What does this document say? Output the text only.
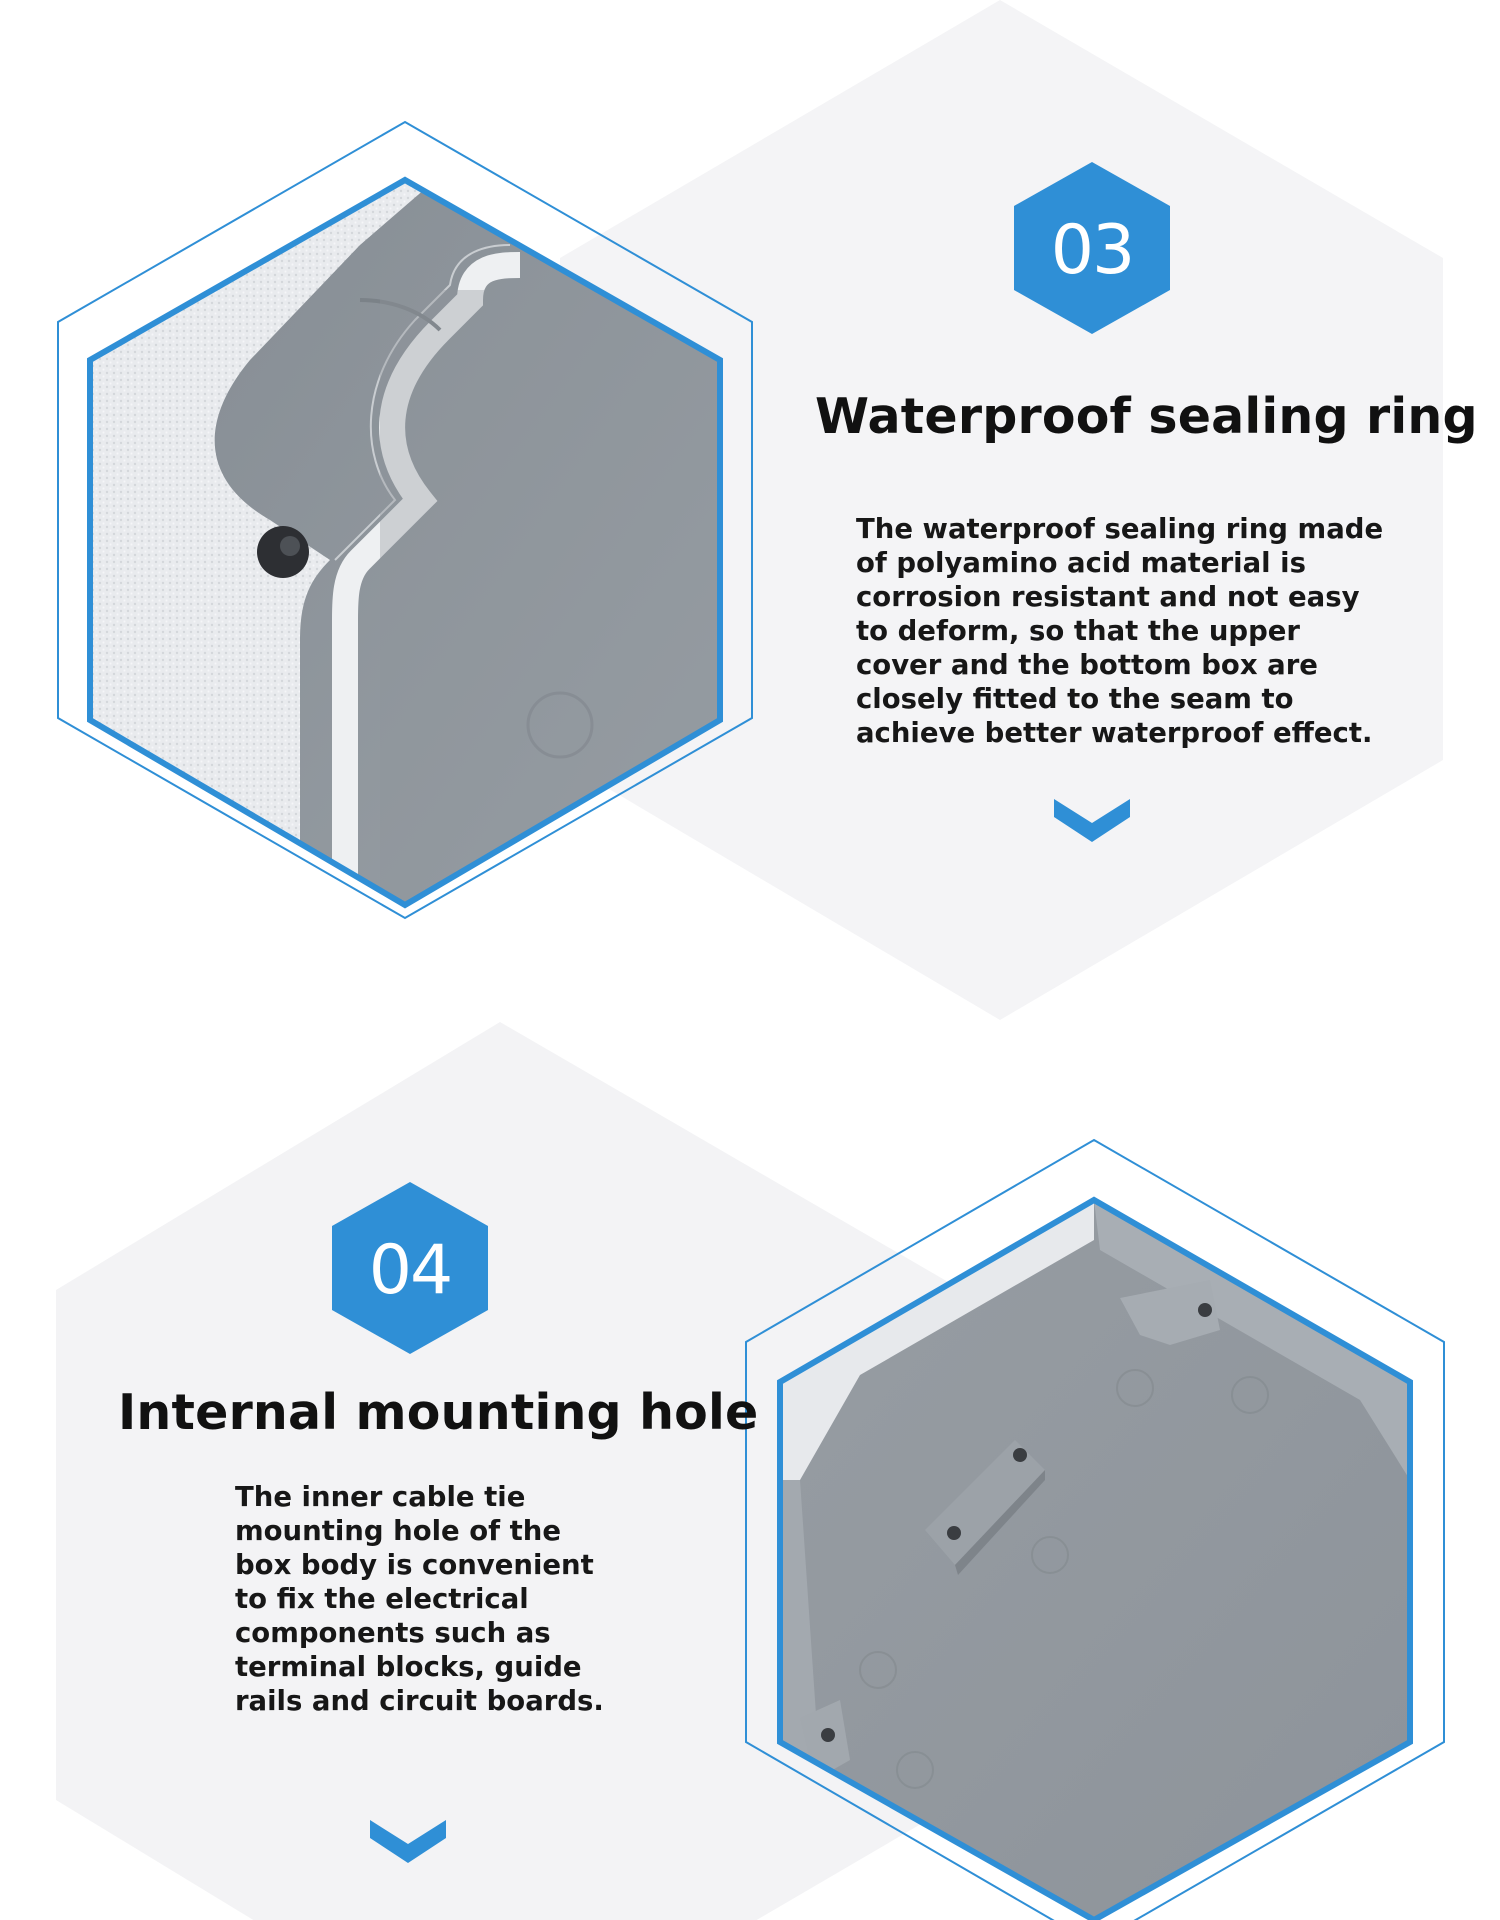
03
Waterproof sealing ring

The waterproof sealing ring made of polyamino acid material is corrosion resistant and not easy to deform, so that the upper cover and the bottom box are closely fitted to the seam to achieve better waterproof effect.

04
Internal mounting hole

The inner cable tie mounting hole of the box body is convenient to fix the electrical components such as terminal blocks, guide rails and circuit boards.
